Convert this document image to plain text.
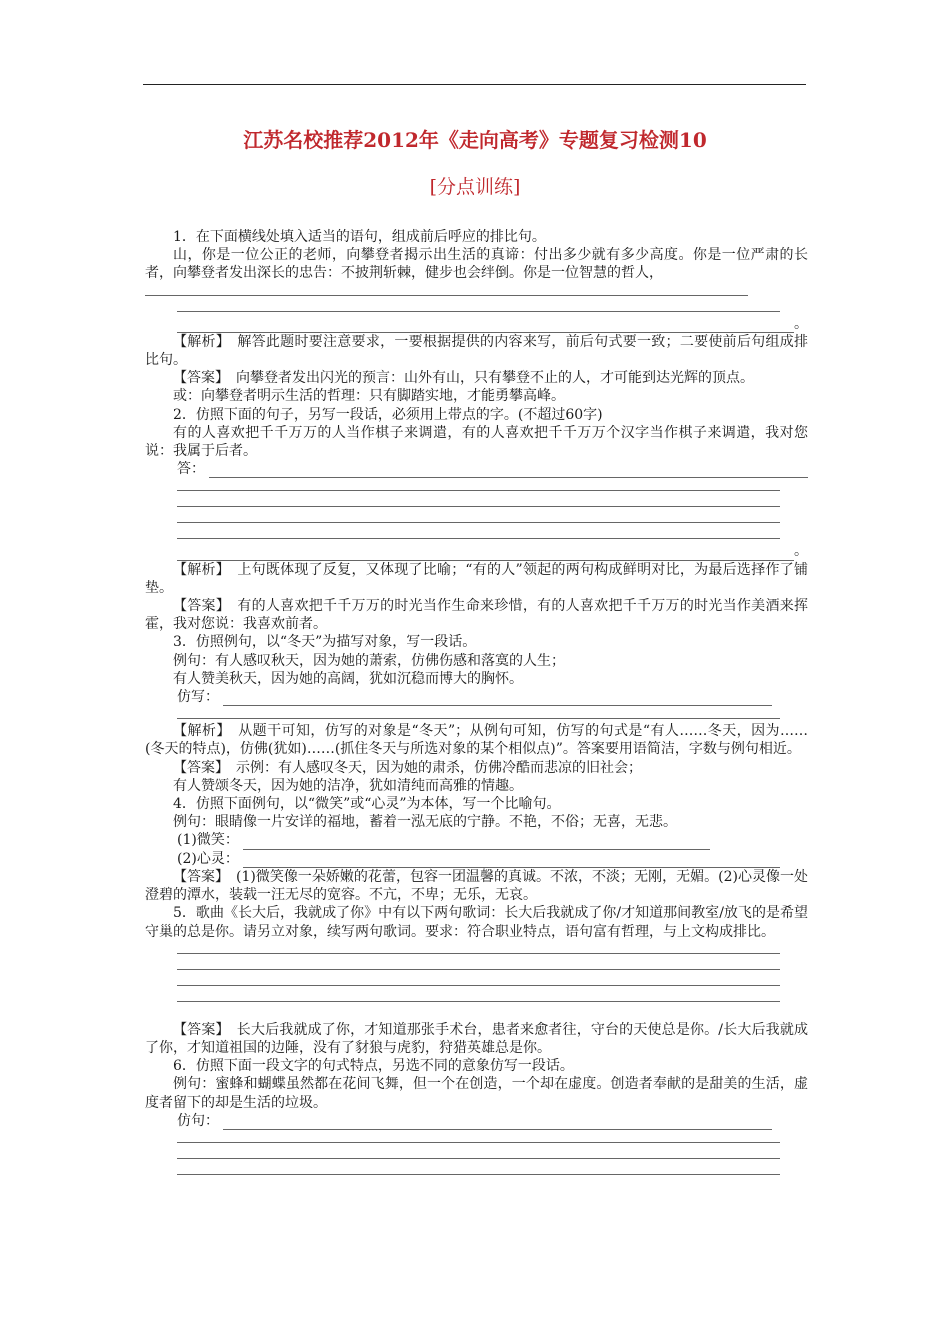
江苏名校推荐2012年《走向高考》专题复习检测10
[分点训练]

1．在下面横线处填入适当的语句，组成前后呼应的排比句。

山，你是一位公正的老师，向攀登者揭示出生活的真谛：付出多少就有多少高度。你是一位严肃的长者，向攀登者发出深长的忠告：不披荆斩棘，健步也会绊倒。你是一位智慧的哲人，

。

【解析】　解答此题时要注意要求，一要根据提供的内容来写，前后句式要一致；二要使前后句组成排比句。

【答案】　向攀登者发出闪光的预言：山外有山，只有攀登不止的人，才可能到达光辉的顶点。

或：向攀登者明示生活的哲理：只有脚踏实地，才能勇攀高峰。

2．仿照下面的句子，另写一段话，必须用上带点的字。(不超过60字)

有的人喜欢把千千万万的人当作棋子来调遣，有的人喜欢把千千万万个汉字当作棋子来调遣，我对您说：我属于后者。

答：
。

【解析】　上句既体现了反复，又体现了比喻；“有的人”领起的两句构成鲜明对比，为最后选择作了铺垫。

【答案】　有的人喜欢把千千万万的时光当作生命来珍惜，有的人喜欢把千千万万的时光当作美酒来挥霍，我对您说：我喜欢前者。

3．仿照例句，以“冬天”为描写对象，写一段话。

例句：有人感叹秋天，因为她的萧索，仿佛伤感和落寞的人生；

有人赞美秋天，因为她的高阔，犹如沉稳而博大的胸怀。

仿写：

【解析】　从题干可知，仿写的对象是“冬天”；从例句可知，仿写的句式是“有人……冬天，因为……(冬天的特点)，仿佛(犹如)……(抓住冬天与所选对象的某个相似点)”。答案要用语简洁，字数与例句相近。

【答案】　示例：有人感叹冬天，因为她的肃杀，仿佛冷酷而悲凉的旧社会；

有人赞颂冬天，因为她的洁净，犹如清纯而高雅的情趣。

4．仿照下面例句，以“微笑”或“心灵”为本体，写一个比喻句。

例句：眼睛像一片安详的福地，蓄着一泓无底的宁静。不艳，不俗；无喜，无悲。

(1)微笑：
(2)心灵：

【答案】　(1)微笑像一朵娇嫩的花蕾，包容一团温馨的真诚。不浓，不淡；无刚，无媚。(2)心灵像一处澄碧的潭水，装载一汪无尽的宽容。不亢，不卑；无乐，无哀。

5．歌曲《长大后，我就成了你》中有以下两句歌词：长大后我就成了你/才知道那间教室/放飞的是希望守巢的总是你。请另立对象，续写两句歌词。要求：符合职业特点，语句富有哲理，与上文构成排比。

【答案】　长大后我就成了你，才知道那张手术台，患者来愈者往，守台的天使总是你。/长大后我就成了你，才知道祖国的边陲，没有了豺狼与虎豹，狩猎英雄总是你。

6．仿照下面一段文字的句式特点，另选不同的意象仿写一段话。

例句：蜜蜂和蝴蝶虽然都在花间飞舞，但一个在创造，一个却在虚度。创造者奉献的是甜美的生活，虚度者留下的却是生活的垃圾。

仿句：
